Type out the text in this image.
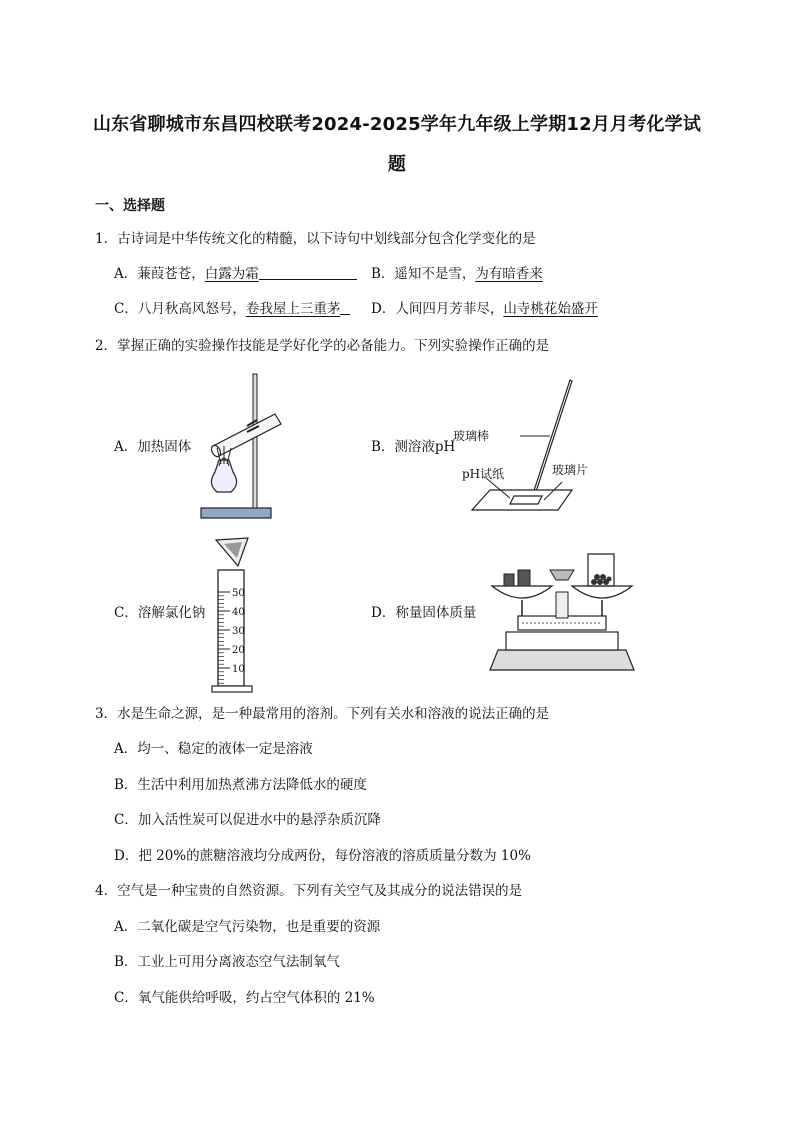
山东省聊城市东昌四校联考2024-2025学年九年级上学期12月月考化学试
题
一、选择题
1．古诗词是中华传统文化的精髓，以下诗句中划线部分包含化学变化的是
A．蒹葭苍苍，白露为霜	B．遥知不是雪，为有暗香来
C．八月秋高风怒号，卷我屋上三重茅	D．人间四月芳菲尽，山寺桃花始盛开
2．掌握正确的实验操作技能是学好化学的必备能力。下列实验操作正确的是
A．加热固体	B．测溶液pH
C．溶解氯化钠	D．称量固体质量
玻璃棒
pH试纸	玻璃片
50
40
30
20
10
3．水是生命之源，是一种最常用的溶剂。下列有关水和溶液的说法正确的是
A．均一、稳定的液体一定是溶液
B．生活中利用加热煮沸方法降低水的硬度
C．加入活性炭可以促进水中的悬浮杂质沉降
D．把 20%的蔗糖溶液均分成两份，每份溶液的溶质质量分数为 10%
4．空气是一种宝贵的自然资源。下列有关空气及其成分的说法错误的是
A．二氧化碳是空气污染物，也是重要的资源
B．工业上可用分离液态空气法制氧气
C．氧气能供给呼吸，约占空气体积的 21%
